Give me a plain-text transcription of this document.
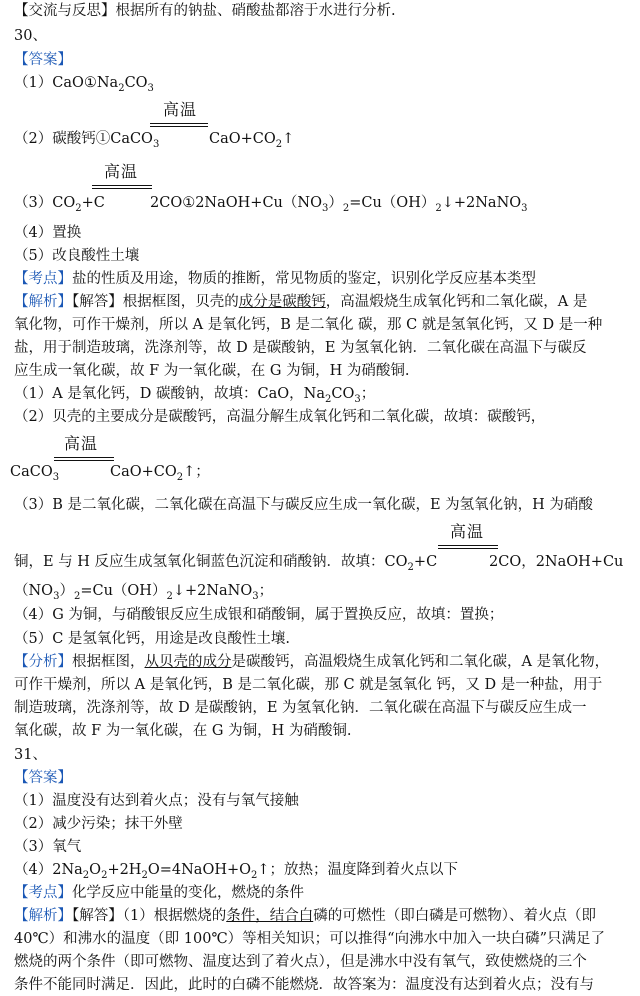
【交流与反思】根据所有的钠盐、硝酸盐都溶于水进行分析.
30、
【答案】
$(1)CaO①Na_2CO_3$
高温
（2）碳酸钙①CaCO$_3$	$CaO+CO_2↑$
高温
$(3)CO_2+C$	$2CO①2NaOH+Cu(NO_3)_2=Cu(OH)_2↓+2NaNO_3$
（4）置换
（5）改良酸性土壤
【考点】盐的性质及用途，物质的推断，常见物质的鉴定，识别化学反应基本类型
【解析】【解答】根据框图，贝壳的成分是碳酸钙，高温煅烧生成氧化钙和二氧化碳，A 是
氧化物，可作干燥剂，所以 A 是氧化钙，B 是二氧化 碳，那 C 就是氢氧化钙，又 D 是一种
盐，用于制造玻璃，洗涤剂等，故 D 是碳酸钠，E 为氢氧化钠．二氧化碳在高温下与碳反
应生成一氧化碳，故 F 为一氧化碳，在 G 为铜，H 为硝酸铜.
（1）A 是氧化钙，D 碳酸钠，故填：CaO，$Na_2CO_3$；
（2）贝壳的主要成分是碳酸钙，高温分解生成氧化钙和二氧化碳，故填：碳酸钙，
高温
CaCO$_3$	$CaO+CO_2↑$；
（3）B 是二氧化碳，二氧化碳在高温下与碳反应生成一氧化碳，E 为氢氧化钠，H 为硝酸
高温
铜，E 与 H 反应生成氢氧化铜蓝色沉淀和硝酸钠．故填：$CO_2+C$	2CO，2NaOH+Cu
$(NO_3)_2=Cu(OH)_2↓+2NaNO_3$；
（4）G 为铜，与硝酸银反应生成银和硝酸铜，属于置换反应，故填：置换；
（5）C 是氢氧化钙，用途是改良酸性土壤.
【分析】根据框图，从贝壳的成分是碳酸钙，高温煅烧生成氧化钙和二氧化碳，A 是氧化物，
可作干燥剂，所以 A 是氧化钙，B 是二氧化碳，那 C 就是氢氧化 钙，又 D 是一种盐，用于
制造玻璃，洗涤剂等，故 D 是碳酸钠，E 为氢氧化钠．二氧化碳在高温下与碳反应生成一
氧化碳，故 F 为一氧化碳，在 G 为铜，H 为硝酸铜.
31、
【答案】
（1）温度没有达到着火点；没有与氧气接触
（2）减少污染；抹干外壁
（3）氧气
$(4)2Na_2O_2+2H_2O=4NaOH+O_2↑$；放热；温度降到着火点以下
【考点】化学反应中能量的变化，燃烧的条件
【解析】【解答】（1）根据燃烧的条件，结合白磷的可燃性（即白磷是可燃物）、着火点（即
40℃）和沸水的温度（即 100℃）等相关知识；可以推得“向沸水中加入一块白磷”只满足了
燃烧的两个条件（即可燃物、温度达到了着火点），但是沸水中没有氧气，致使燃烧的三个
条件不能同时满足．因此，此时的白磷不能燃烧．故答案为：温度没有达到着火点；没有与
